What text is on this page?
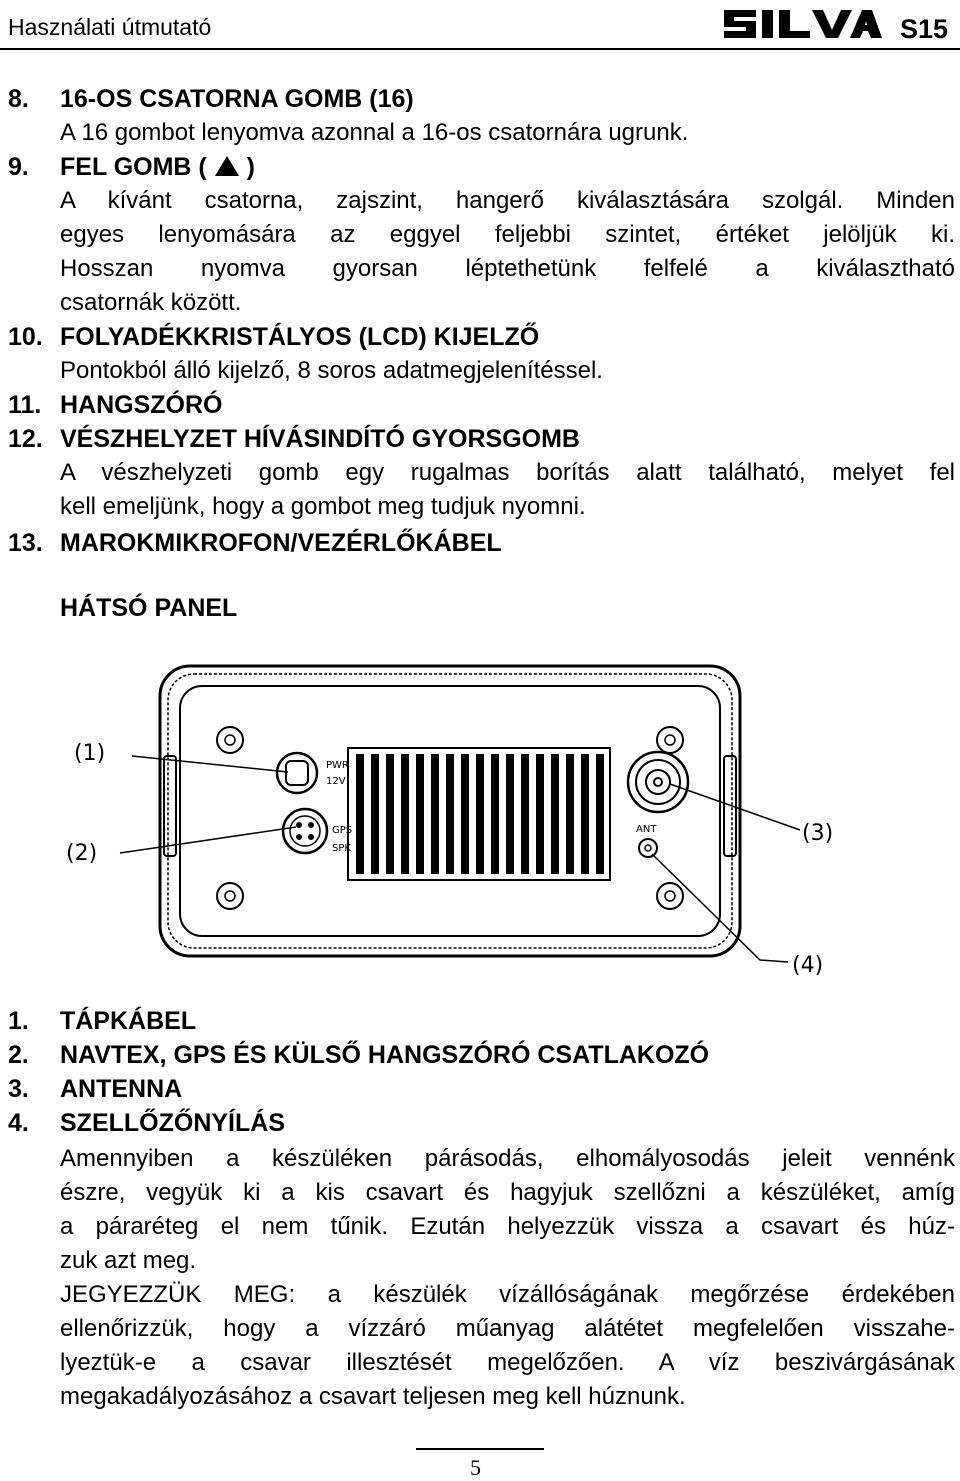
Használati útmutató	S15
8. 16-OS CSATORNA GOMB (16)
A 16 gombot lenyomva azonnal a 16-os csatornára ugrunk.
9. FEL GOMB ( )
A kívánt csatorna, zajszint, hangerő kiválasztására szolgál. Minden
egyes lenyomására az eggyel feljebbi szintet, értéket jelöljük ki.
Hosszan nyomva gyorsan léptethetünk felfelé a kiválasztható
csatornák között.
10. FOLYADÉKKRISTÁLYOS (LCD) KIJELZŐ
Pontokból álló kijelző, 8 soros adatmegjelenítéssel.
11. HANGSZÓRÓ
12. VÉSZHELYZET HÍVÁSINDÍTÓ GYORSGOMB
A vészhelyzeti gomb egy rugalmas borítás alatt található, melyet fel
kell emeljünk, hogy a gombot meg tudjuk nyomni.
13. MAROKMIKROFON/VEZÉRLŐKÁBEL
HÁTSÓ PANEL
PWR
12V
GPS
SPK
ANT
(1)
(2)
(3)
(4)
1. TÁPKÁBEL
2. NAVTEX, GPS ÉS KÜLSŐ HANGSZÓRÓ CSATLAKOZÓ
3. ANTENNA
4. SZELLŐZŐNYÍLÁS
Amennyiben a készüléken párásodás, elhomályosodás jeleit vennénk
észre, vegyük ki a kis csavart és hagyjuk szellőzni a készüléket, amíg
a páraréteg el nem tűnik. Ezután helyezzük vissza a csavart és húz-
zuk azt meg.
JEGYEZZÜK MEG: a készülék vízállóságának megőrzése érdekében
ellenőrizzük, hogy a vízzáró műanyag alátétet megfelelően visszahe-
lyeztük-e a csavar illesztését megelőzően. A víz beszivárgásának
megakadályozásához a csavart teljesen meg kell húznunk.
5
